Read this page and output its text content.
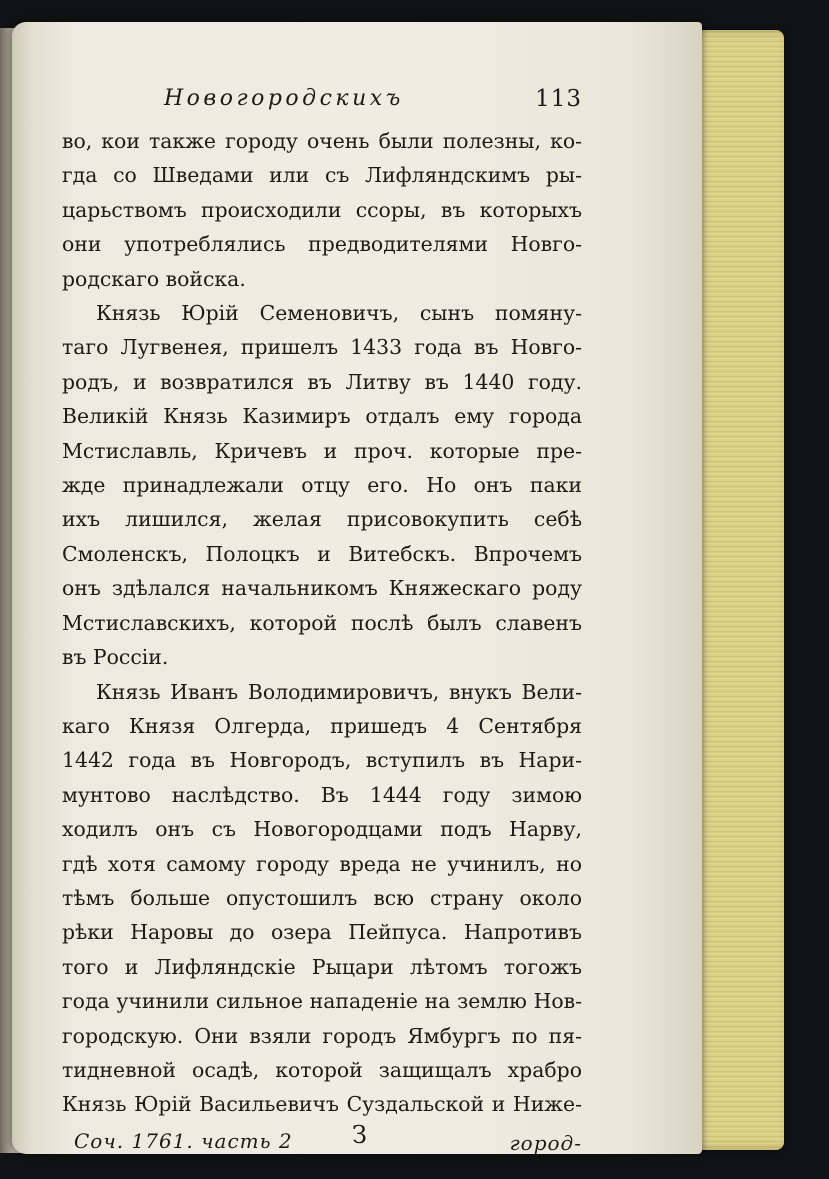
Новогородскихъ	113
во, кои также городу очень были полезны, ко-
гда со Шведами или съ Лифляндскимъ ры-
царьствомъ происходили ссоры, въ которыхъ
они употреблялись предводителями Новго-
родскаго войска.
Князь Юрій Семеновичъ, сынъ помяну-
таго Лугвенея, пришелъ 1433 года въ Новго-
родъ, и возвратился въ Литву въ 1440 году.
Великій Князь Казимиръ отдалъ ему города
Мстиславль, Кричевъ и проч. которые пре-
жде принадлежали отцу его. Но онъ паки
ихъ лишился, желая присовокупить себѣ
Смоленскъ, Полоцкъ и Витебскъ. Впрочемъ
онъ здѣлался начальникомъ Княжескаго роду
Мстиславскихъ, которой послѣ былъ славенъ
въ Россіи.
Князь Иванъ Володимировичъ, внукъ Вели-
каго Князя Олгерда, пришедъ 4 Сентября
1442 года въ Новгородъ, вступилъ въ Нари-
мунтово наслѣдство. Въ 1444 году зимою
ходилъ онъ съ Новогородцами подъ Нарву,
гдѣ хотя самому городу вреда не учинилъ, но
тѣмъ больше опустошилъ всю страну около
рѣки Наровы до озера Пейпуса. Напротивъ
того и Лифляндскіе Рыцари лѣтомъ тогожъ
года учинили сильное нападеніе на землю Нов-
городскую. Они взяли городъ Ямбургъ по пя-
тидневной осадѣ, которой защищалъ храбро
Князь Юрій Васильевичъ Суздальской и Ниже-
Соч. 1761. часть 2 З	город-
